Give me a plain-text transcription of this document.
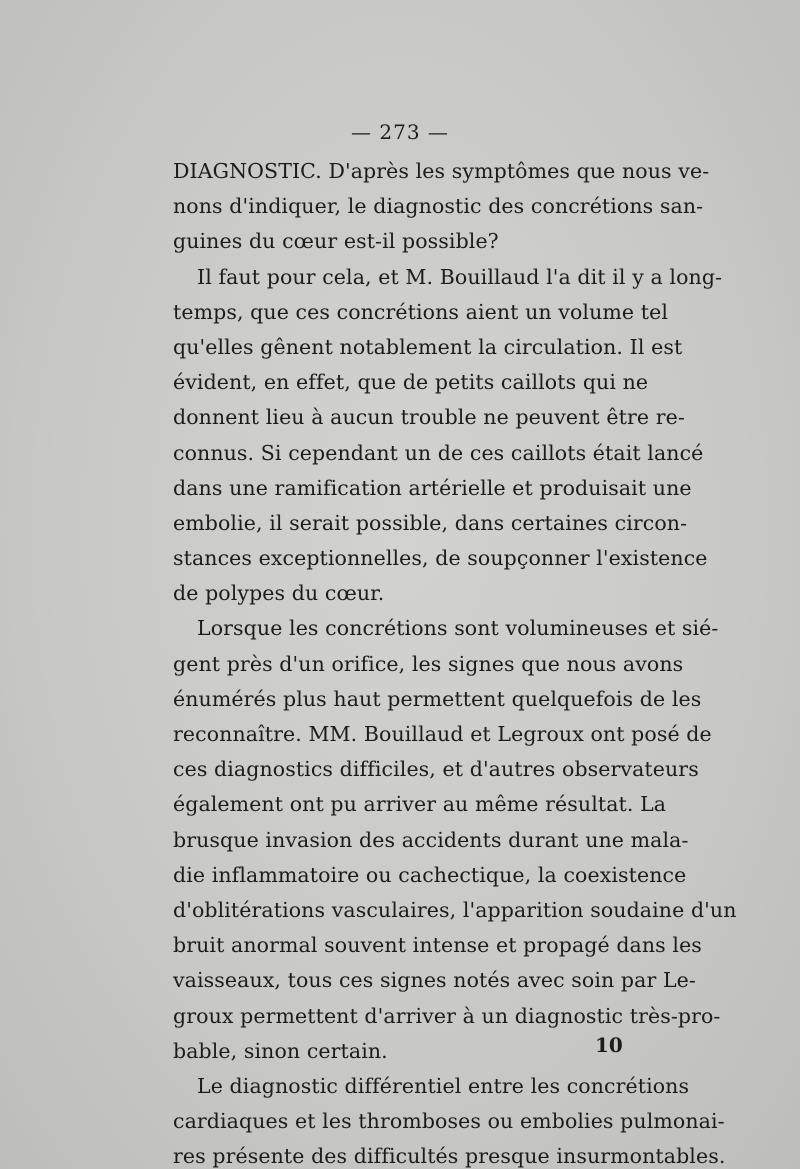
— 273 —
DIAGNOSTIC. D'après les symptômes que nous ve-
nons d'indiquer, le diagnostic des concrétions san-
guines du cœur est-il possible?
Il faut pour cela, et M. Bouillaud l'a dit il y a long-
temps, que ces concrétions aient un volume tel
qu'elles gênent notablement la circulation. Il est
évident, en effet, que de petits caillots qui ne
donnent lieu à aucun trouble ne peuvent être re-
connus. Si cependant un de ces caillots était lancé
dans une ramification artérielle et produisait une
embolie, il serait possible, dans certaines circon-
stances exceptionnelles, de soupçonner l'existence
de polypes du cœur.
Lorsque les concrétions sont volumineuses et sié-
gent près d'un orifice, les signes que nous avons
énumérés plus haut permettent quelquefois de les
reconnaître. MM. Bouillaud et Legroux ont posé de
ces diagnostics difficiles, et d'autres observateurs
également ont pu arriver au même résultat. La
brusque invasion des accidents durant une mala-
die inflammatoire ou cachectique, la coexistence
d'oblitérations vasculaires, l'apparition soudaine d'un
bruit anormal souvent intense et propagé dans les
vaisseaux, tous ces signes notés avec soin par Le-
groux permettent d'arriver à un diagnostic très-pro-
bable, sinon certain.
Le diagnostic différentiel entre les concrétions
cardiaques et les thromboses ou embolies pulmonai-
res présente des difficultés presque insurmontables.
10
